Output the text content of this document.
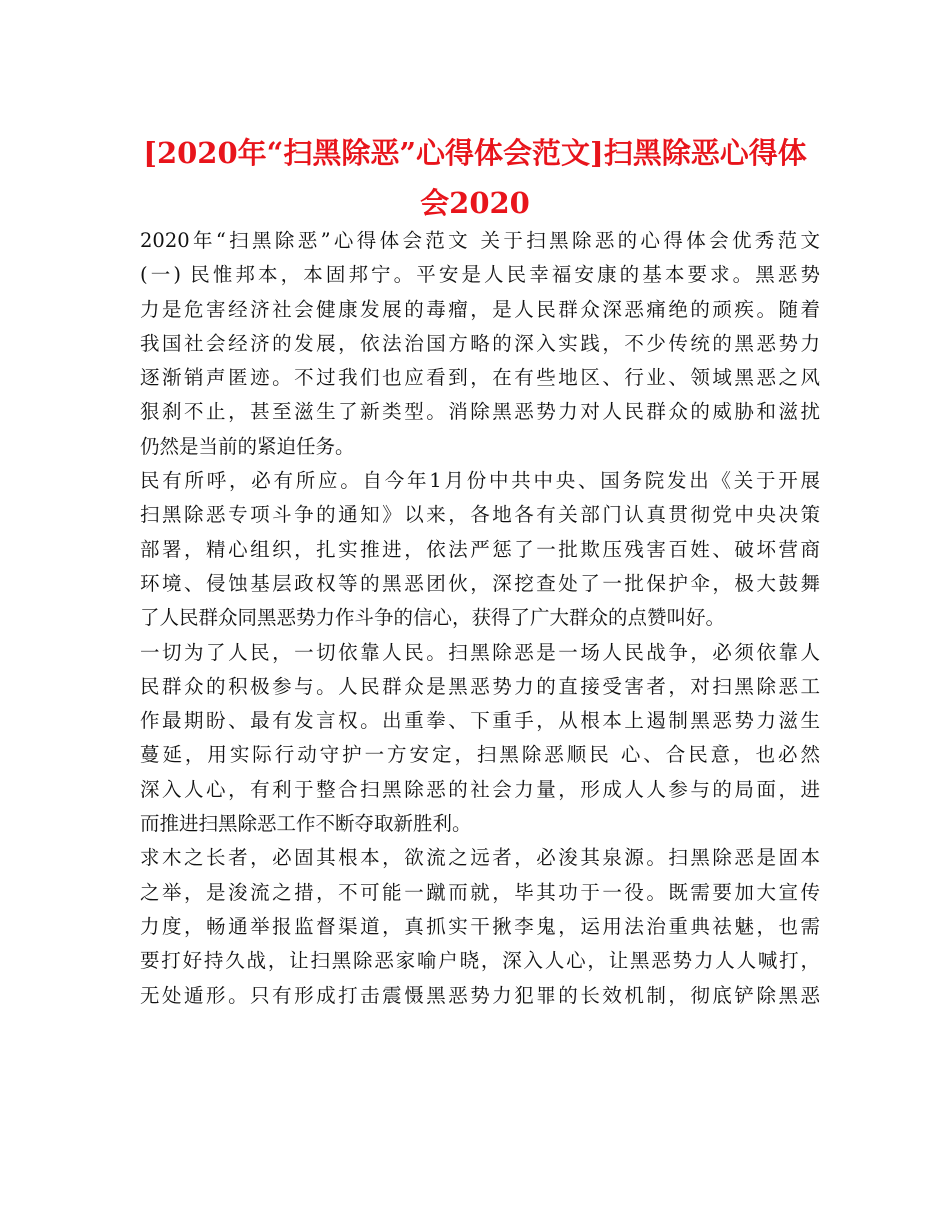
[2020年“扫黑除恶”心得体会范文]扫黑除恶心得体
会2020
2020年“扫黑除恶”心得体会范文 关于扫黑除恶的心得体会优秀范文
(一) 民惟邦本，本固邦宁。平安是人民幸福安康的基本要求。黑恶势
力是危害经济社会健康发展的毒瘤，是人民群众深恶痛绝的顽疾。随着
我国社会经济的发展，依法治国方略的深入实践，不少传统的黑恶势力
逐渐销声匿迹。不过我们也应看到，在有些地区、行业、领域黑恶之风
狠刹不止，甚至滋生了新类型。消除黑恶势力对人民群众的威胁和滋扰
仍然是当前的紧迫任务。
民有所呼，必有所应。自今年1月份中共中央、国务院发出《关于开展
扫黑除恶专项斗争的通知》以来，各地各有关部门认真贯彻党中央决策
部署，精心组织，扎实推进，依法严惩了一批欺压残害百姓、破坏营商
环境、侵蚀基层政权等的黑恶团伙，深挖查处了一批保护伞，极大鼓舞
了人民群众同黑恶势力作斗争的信心，获得了广大群众的点赞叫好。
一切为了人民，一切依靠人民。扫黑除恶是一场人民战争，必须依靠人
民群众的积极参与。人民群众是黑恶势力的直接受害者，对扫黑除恶工
作最期盼、最有发言权。出重拳、下重手，从根本上遏制黑恶势力滋生
蔓延，用实际行动守护一方安定，扫黑除恶顺民 心、合民意，也必然
深入人心，有利于整合扫黑除恶的社会力量，形成人人参与的局面，进
而推进扫黑除恶工作不断夺取新胜利。
求木之长者，必固其根本，欲流之远者，必浚其泉源。扫黑除恶是固本
之举，是浚流之措，不可能一蹴而就，毕其功于一役。既需要加大宣传
力度，畅通举报监督渠道，真抓实干揪李鬼，运用法治重典祛魅，也需
要打好持久战，让扫黑除恶家喻户晓，深入人心，让黑恶势力人人喊打，
无处遁形。只有形成打击震慑黑恶势力犯罪的长效机制，彻底铲除黑恶
